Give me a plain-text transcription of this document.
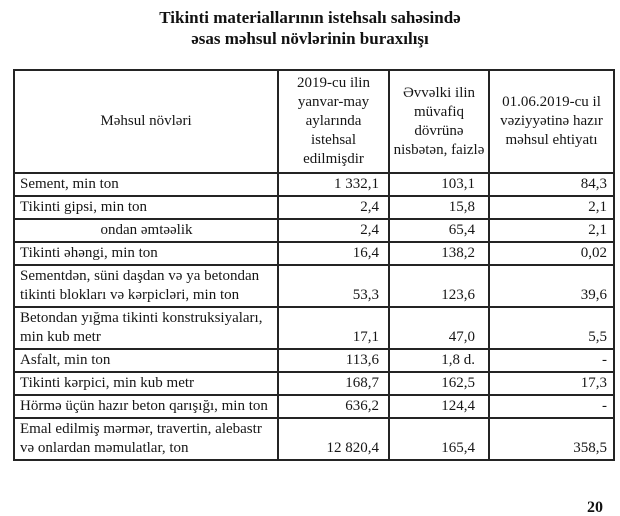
Tikinti materiallarının istehsalı sahəsində
əsas məhsul növlərinin buraxılışı
Məhsul növləri	2019-cu ilin yanvar-may aylarında istehsal edilmişdir	Əvvəlki ilin müvafiq dövrünə nisbətən, faizlə	01.06.2019-cu il vəziyyətinə hazır məhsul ehtiyatı
Sement, min ton	1 332,1	103,1	84,3
Tikinti gipsi, min ton	2,4	15,8	2,1
ondan əmtəəlik	2,4	65,4	2,1
Tikinti əhəngi, min ton	16,4	138,2	0,02
Sementdən, süni daşdan və ya betondan tikinti blokları və kərpicləri, min ton	53,3	123,6	39,6
Betondan yığma tikinti konstruksiyaları, min kub metr	17,1	47,0	5,5
Asfalt, min ton	113,6	1,8 d.	-
Tikinti kərpici, min kub metr	168,7	162,5	17,3
Hörmə üçün hazır beton qarışığı, min ton	636,2	124,4	-
Emal edilmiş mərmər, travertin, alebastr və onlardan məmulatlar, ton	12 820,4	165,4	358,5
20
